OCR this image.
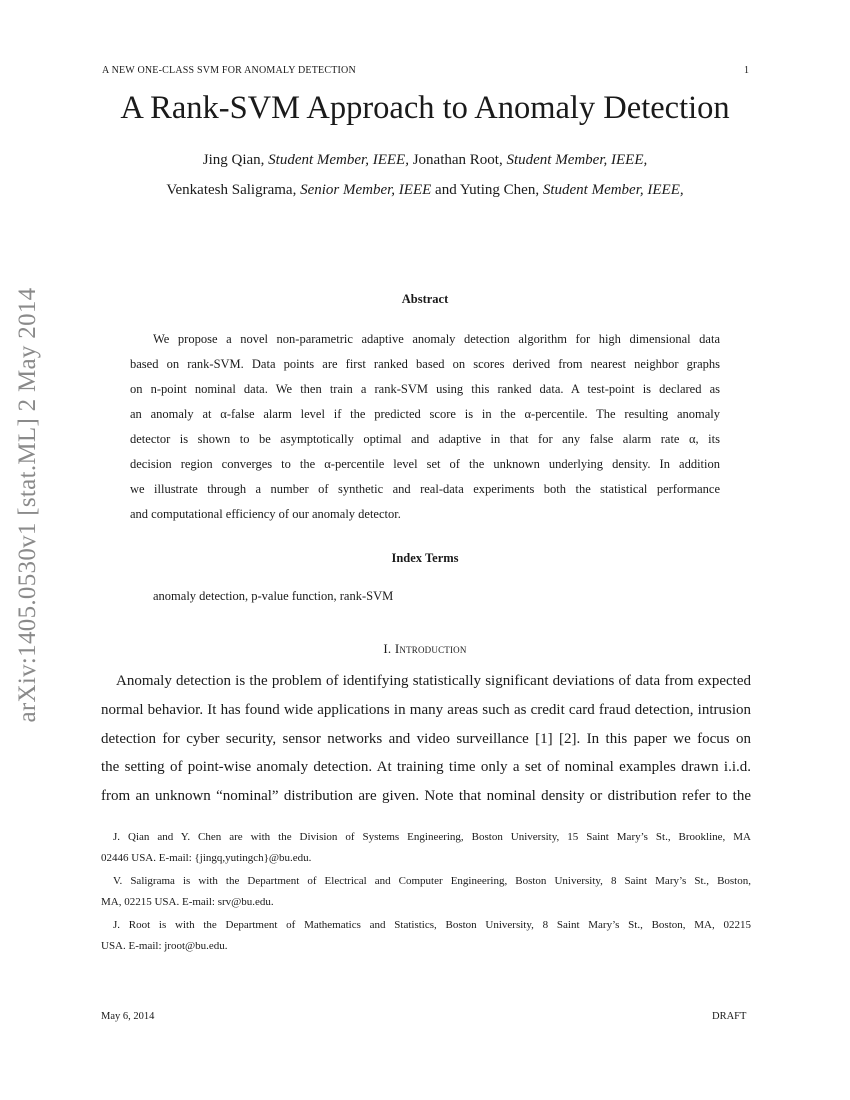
A NEW ONE-CLASS SVM FOR ANOMALY DETECTION	1
A Rank-SVM Approach to Anomaly Detection
Jing Qian, Student Member, IEEE, Jonathan Root, Student Member, IEEE,
Venkatesh Saligrama, Senior Member, IEEE and Yuting Chen, Student Member, IEEE,
arXiv:1405.0530v1 [stat.ML] 2 May 2014	Abstract
We propose a novel non-parametric adaptive anomaly detection algorithm for high dimensional data
based on rank-SVM. Data points are first ranked based on scores derived from nearest neighbor graphs
on n-point nominal data. We then train a rank-SVM using this ranked data. A test-point is declared as
an anomaly at α-false alarm level if the predicted score is in the α-percentile. The resulting anomaly
detector is shown to be asymptotically optimal and adaptive in that for any false alarm rate α, its
decision region converges to the α-percentile level set of the unknown underlying density. In addition
we illustrate through a number of synthetic and real-data experiments both the statistical performance
and computational efficiency of our anomaly detector.
Index Terms
anomaly detection, p-value function, rank-SVM
I. Introduction
Anomaly detection is the problem of identifying statistically significant deviations of data from expected
normal behavior. It has found wide applications in many areas such as credit card fraud detection, intrusion
detection for cyber security, sensor networks and video surveillance [1] [2]. In this paper we focus on
the setting of point-wise anomaly detection. At training time only a set of nominal examples drawn i.i.d.
from an unknown “nominal” distribution are given. Note that nominal density or distribution refer to the
J. Qian and Y. Chen are with the Division of Systems Engineering, Boston University, 15 Saint Mary’s St., Brookline, MA
02446 USA. E-mail: {jingq,yutingch}@bu.edu.
V. Saligrama is with the Department of Electrical and Computer Engineering, Boston University, 8 Saint Mary’s St., Boston,
MA, 02215 USA. E-mail: srv@bu.edu.
J. Root is with the Department of Mathematics and Statistics, Boston University, 8 Saint Mary’s St., Boston, MA, 02215
USA. E-mail: jroot@bu.edu.
May 6, 2014	DRAFT
